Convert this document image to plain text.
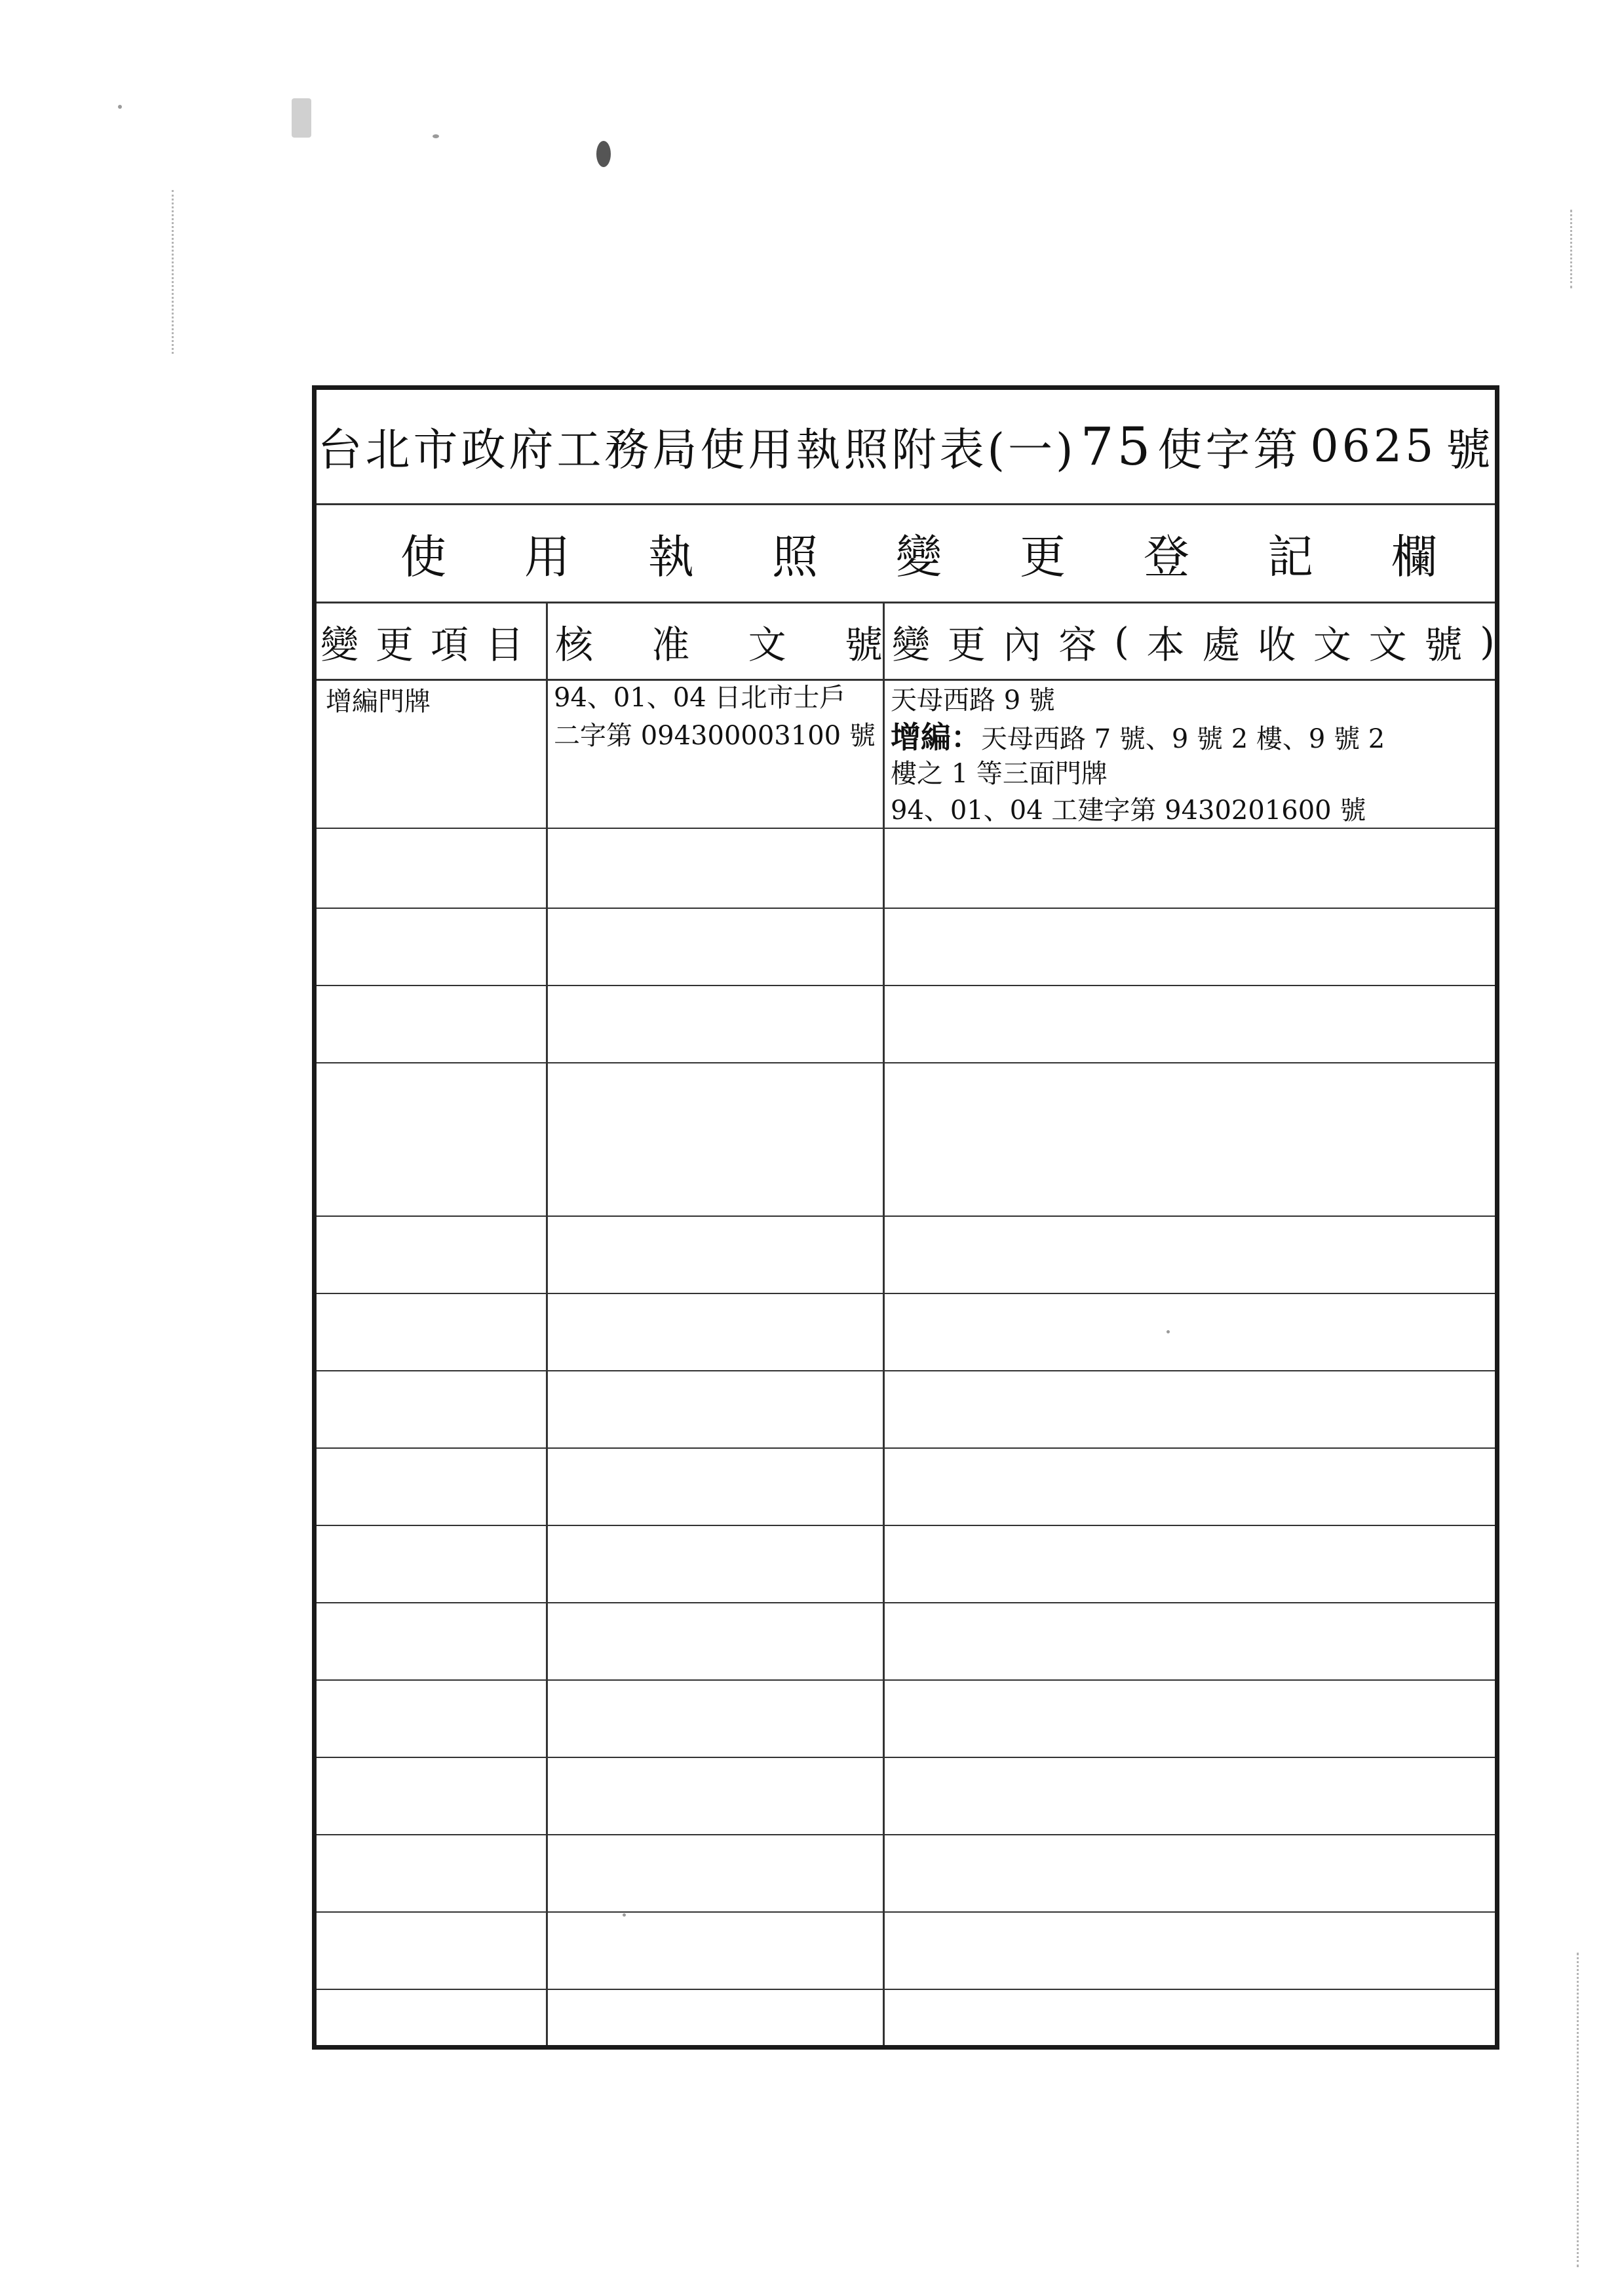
台北市政府工務局使用執照附表(一) 75 使字第 0625 號
使 用 執 照 變 更 登 記 欄
變 更 項 目 核 准 文 號 變 更 內 容 ( 本 處 收 文 文 號 )
增編門牌	94、01、04 日北市士戶
二字第 094300003100 號
天母西路 9 號
增編：天母西路 7 號、9 號 2 樓、9 號 2
樓之 1 等三面門牌
94、01、04 工建字第 9430201600 號
